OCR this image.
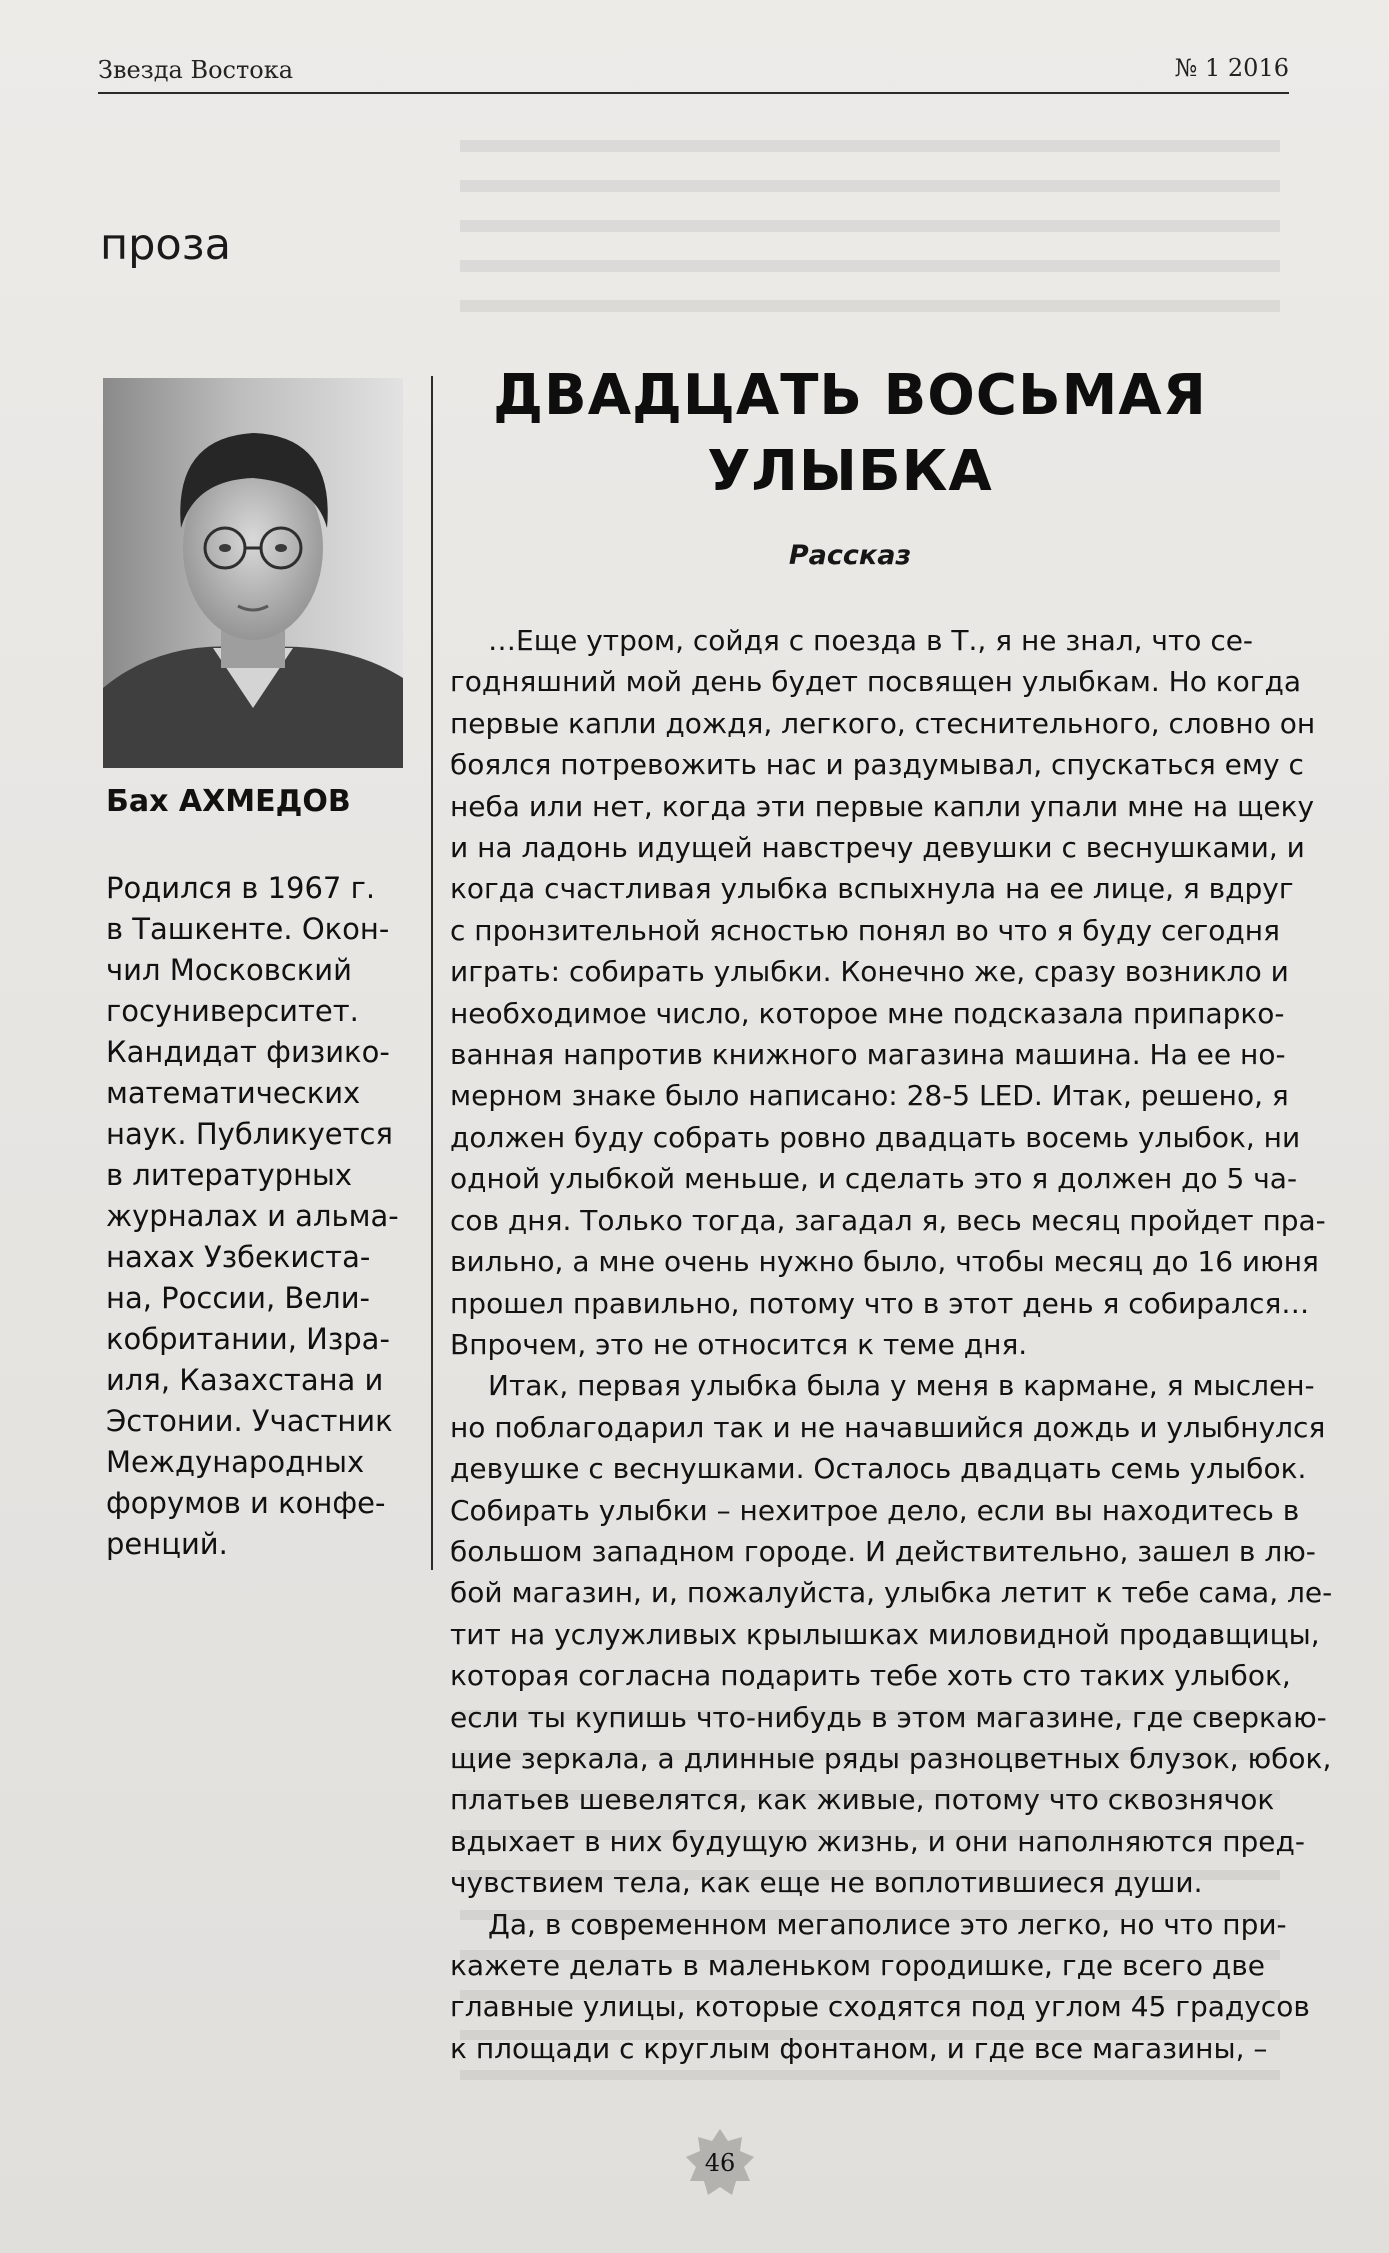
Звезда Востока	№ 1 2016
проза
Бах АХМЕДОВ
Родился в 1967 г.
в Ташкенте. Окон-
чил Московский
госуниверситет.
Кандидат физико-
математических
наук. Публикуется
в литературных
журналах и альма-
нахах Узбекиста-
на, России, Вели-
кобритании, Изра-
иля, Казахстана и
Эстонии. Участник
Международных
форумов и конфе-
ренций.
ДВАДЦАТЬ ВОСЬМАЯ
УЛЫБКА
Рассказ
…Еще утром, сойдя с поезда в Т., я не знал, что се-
годняшний мой день будет посвящен улыбкам. Но когда
первые капли дождя, легкого, стеснительного, словно он
боялся потревожить нас и раздумывал, спускаться ему с
неба или нет, когда эти первые капли упали мне на щеку
и на ладонь идущей навстречу девушки с веснушками, и
когда счастливая улыбка вспыхнула на ее лице, я вдруг
с пронзительной ясностью понял во что я буду сегодня
играть: собирать улыбки. Конечно же, сразу возникло и
необходимое число, которое мне подсказала припарко-
ванная напротив книжного магазина машина. На ее но-
мерном знаке было написано: 28-5 LED. Итак, решено, я
должен буду собрать ровно двадцать восемь улыбок, ни
одной улыбкой меньше, и сделать это я должен до 5 ча-
сов дня. Только тогда, загадал я, весь месяц пройдет пра-
вильно, а мне очень нужно было, чтобы месяц до 16 июня
прошел правильно, потому что в этот день я собирался…
Впрочем, это не относится к теме дня.
Итак, первая улыбка была у меня в кармане, я мыслен-
но поблагодарил так и не начавшийся дождь и улыбнулся
девушке с веснушками. Осталось двадцать семь улыбок.
Собирать улыбки – нехитрое дело, если вы находитесь в
большом западном городе. И действительно, зашел в лю-
бой магазин, и, пожалуйста, улыбка летит к тебе сама, ле-
тит на услужливых крылышках миловидной продавщицы,
которая согласна подарить тебе хоть сто таких улыбок,
если ты купишь что-нибудь в этом магазине, где сверкаю-
щие зеркала, а длинные ряды разноцветных блузок, юбок,
платьев шевелятся, как живые, потому что сквознячок
вдыхает в них будущую жизнь, и они наполняются пред-
чувствием тела, как еще не воплотившиеся души.
Да, в современном мегаполисе это легко, но что при-
кажете делать в маленьком городишке, где всего две
главные улицы, которые сходятся под углом 45 градусов
к площади с круглым фонтаном, и где все магазины, –
46
